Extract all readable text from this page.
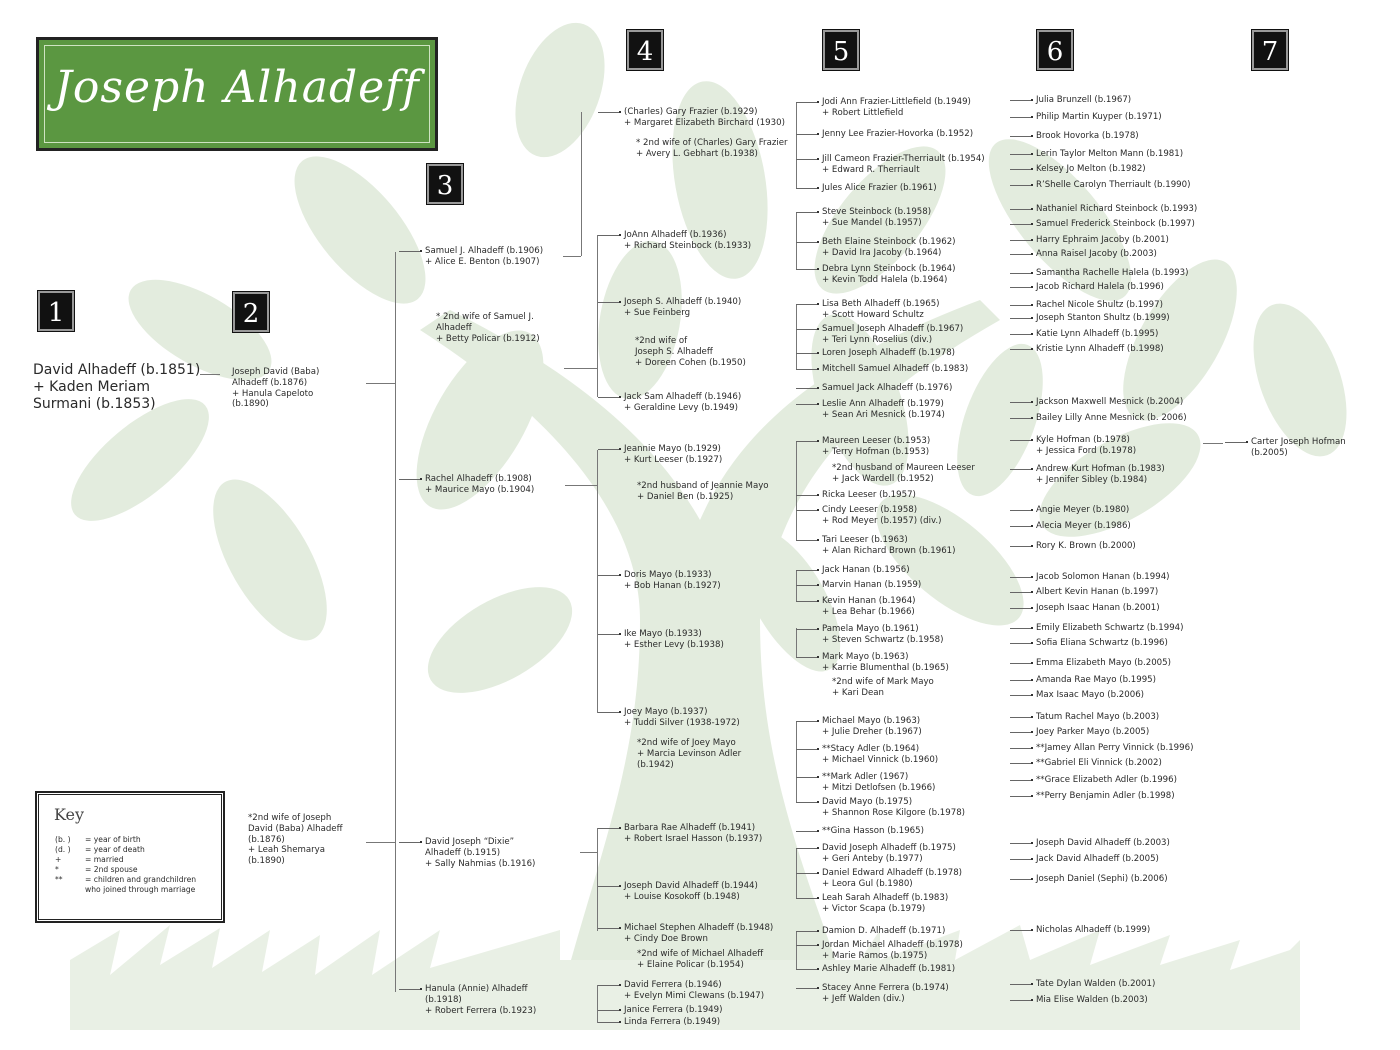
Joseph Alhadeff
1	2
3
4	5	6	7
David Alhadeff (b.1851)
+ Kaden Meriam
Surmani (b.1853)
Joseph David (Baba)
Alhadeff (b.1876)
+ Hanula Capeloto
(b.1890)
*2nd wife of Joseph
David (Baba) Alhadeff
(b.1876)
+ Leah Shemarya
(b.1890)
Samuel J. Alhadeff (b.1906)
+ Alice E. Benton (b.1907)
* 2nd wife of Samuel J.
Alhadeff
+ Betty Policar (b.1912)
Rachel Alhadeff (b.1908)
+ Maurice Mayo (b.1904)
David Joseph “Dixie”
Alhadeff (b.1915)
+ Sally Nahmias (b.1916)
Hanula (Annie) Alhadeff
(b.1918)
+ Robert Ferrera (b.1923)
(Charles) Gary Frazier (b.1929)
+ Margaret Elizabeth Birchard (1930)
* 2nd wife of (Charles) Gary Frazier
+ Avery L. Gebhart (b.1938)
JoAnn Alhadeff (b.1936)
+ Richard Steinbock (b.1933)
Joseph S. Alhadeff (b.1940)
+ Sue Feinberg
*2nd wife of
Joseph S. Alhadeff
+ Doreen Cohen (b.1950)
Jack Sam Alhadeff (b.1946)
+ Geraldine Levy (b.1949)
Jeannie Mayo (b.1929)
+ Kurt Leeser (b.1927)
*2nd husband of Jeannie Mayo
+ Daniel Ben (b.1925)
Doris Mayo (b.1933)
+ Bob Hanan (b.1927)
Ike Mayo (b.1933)
+ Esther Levy (b.1938)
Joey Mayo (b.1937)
+ Tuddi Silver (1938-1972)
*2nd wife of Joey Mayo
+ Marcia Levinson Adler
(b.1942)
Barbara Rae Alhadeff (b.1941)
+ Robert Israel Hasson (b.1937)
Joseph David Alhadeff (b.1944)
+ Louise Kosokoff (b.1948)
Michael Stephen Alhadeff (b.1948)
+ Cindy Doe Brown
*2nd wife of Michael Alhadeff
+ Elaine Policar (b.1954)
David Ferrera (b.1946)
+ Evelyn Mimi Clewans (b.1947)
Janice Ferrera (b.1949)
Linda Ferrera (b.1949)
Jodi Ann Frazier-Littlefield (b.1949)
+ Robert Littlefield
Jenny Lee Frazier-Hovorka (b.1952)
Jill Cameon Frazier-Therriault (b.1954)
+ Edward R. Therriault
Jules Alice Frazier (b.1961)
Steve Steinbock (b.1958)
+ Sue Mandel (b.1957)
Beth Elaine Steinbock (b.1962)
+ David Ira Jacoby (b.1964)
Debra Lynn Steinbock (b.1964)
+ Kevin Todd Halela (b.1964)
Lisa Beth Alhadeff (b.1965)
+ Scott Howard Schultz
Samuel Joseph Alhadeff (b.1967)
+ Teri Lynn Roselius (div.)
Loren Joseph Alhadeff (b.1978)
Mitchell Samuel Alhadeff (b.1983)
Samuel Jack Alhadeff (b.1976)
Leslie Ann Alhadeff (b.1979)
+ Sean Ari Mesnick (b.1974)
Maureen Leeser (b.1953)
+ Terry Hofman (b.1953)
*2nd husband of Maureen Leeser
+ Jack Wardell (b.1952)
Ricka Leeser (b.1957)
Cindy Leeser (b.1958)
+ Rod Meyer (b.1957) (div.)
Tari Leeser (b.1963)
+ Alan Richard Brown (b.1961)
Jack Hanan (b.1956)
Marvin Hanan (b.1959)
Kevin Hanan (b.1964)
+ Lea Behar (b.1966)
Pamela Mayo (b.1961)
+ Steven Schwartz (b.1958)
Mark Mayo (b.1963)
+ Karrie Blumenthal (b.1965)
*2nd wife of Mark Mayo
+ Kari Dean
Michael Mayo (b.1963)
+ Julie Dreher (b.1967)
**Stacy Adler (b.1964)
+ Michael Vinnick (b.1960)
**Mark Adler (1967)
+ Mitzi Detlofsen (b.1966)
David Mayo (b.1975)
+ Shannon Rose Kilgore (b.1978)
**Gina Hasson (b.1965)
David Joseph Alhadeff (b.1975)
+ Geri Anteby (b.1977)
Daniel Edward Alhadeff (b.1978)
+ Leora Gul (b.1980)
Leah Sarah Alhadeff (b.1983)
+ Victor Scapa (b.1979)
Damion D. Alhadeff (b.1971)
Jordan Michael Alhadeff (b.1978)
+ Marie Ramos (b.1975)
Ashley Marie Alhadeff (b.1981)
Stacey Anne Ferrera (b.1974)
+ Jeff Walden (div.)
Julia Brunzell (b.1967)
Philip Martin Kuyper (b.1971)
Brook Hovorka (b.1978)
Lerin Taylor Melton Mann (b.1981)
Kelsey Jo Melton (b.1982)
R’Shelle Carolyn Therriault (b.1990)
Nathaniel Richard Steinbock (b.1993)
Samuel Frederick Steinbock (b.1997)
Harry Ephraim Jacoby (b.2001)
Anna Raisel Jacoby (b.2003)
Samantha Rachelle Halela (b.1993)
Jacob Richard Halela (b.1996)
Rachel Nicole Shultz (b.1997)
Joseph Stanton Shultz (b.1999)
Katie Lynn Alhadeff (b.1995)
Kristie Lynn Alhadeff (b.1998)
Jackson Maxwell Mesnick (b.2004)
Bailey Lilly Anne Mesnick (b. 2006)
Kyle Hofman (b.1978)
+ Jessica Ford (b.1978)
Andrew Kurt Hofman (b.1983)
+ Jennifer Sibley (b.1984)
Angie Meyer (b.1980)
Alecia Meyer (b.1986)
Rory K. Brown (b.2000)
Jacob Solomon Hanan (b.1994)
Albert Kevin Hanan (b.1997)
Joseph Isaac Hanan (b.2001)
Emily Elizabeth Schwartz (b.1994)
Sofia Eliana Schwartz (b.1996)
Emma Elizabeth Mayo (b.2005)
Amanda Rae Mayo (b.1995)
Max Isaac Mayo (b.2006)
Tatum Rachel Mayo (b.2003)
Joey Parker Mayo (b.2005)
**Jamey Allan Perry Vinnick (b.1996)
**Gabriel Eli Vinnick (b.2002)
**Grace Elizabeth Adler (b.1996)
**Perry Benjamin Adler (b.1998)
Joseph David Alhadeff (b.2003)
Jack David Alhadeff (b.2005)
Joseph Daniel (Sephi) (b.2006)
Nicholas Alhadeff (b.1999)
Tate Dylan Walden (b.2001)
Mia Elise Walden (b.2003)
Carter Joseph Hofman
(b.2005)
Key
(b. ) = year of birth
(d. ) = year of death
+	= married
*	= 2nd spouse
**	= children and grandchildren
who joined through marriage
